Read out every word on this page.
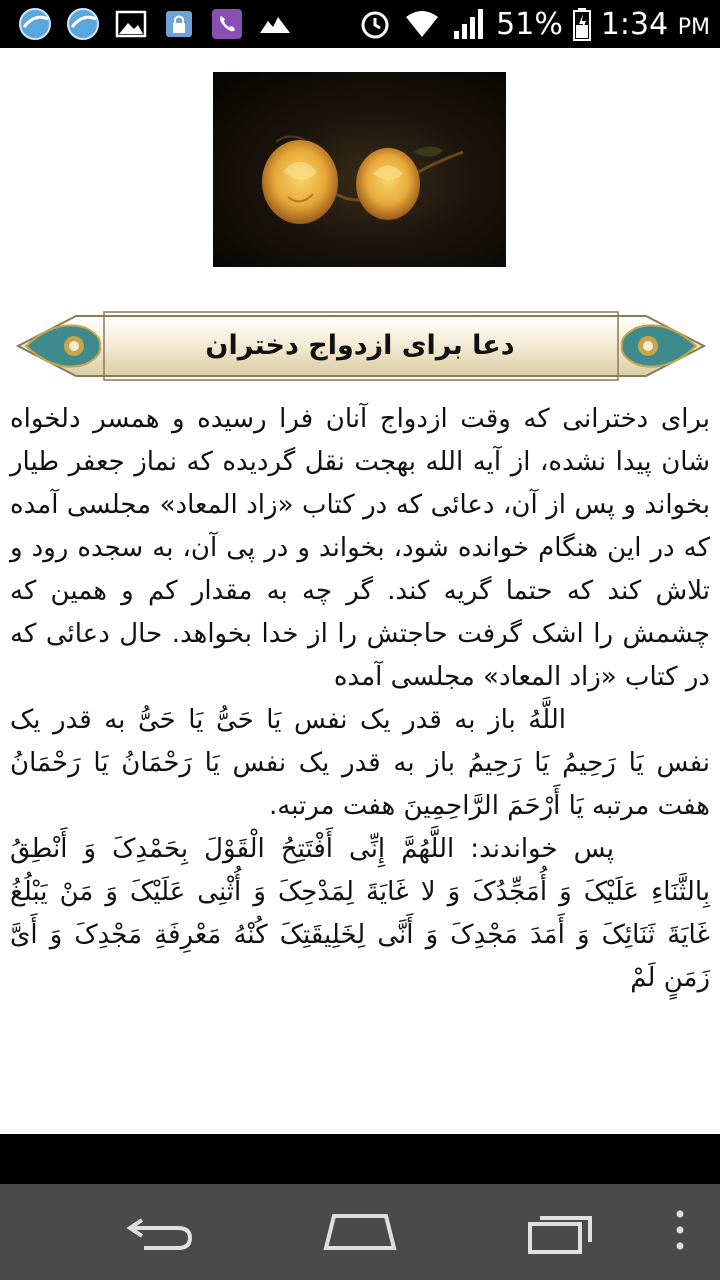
51% 1:34 PM
دعا برای ازدواج دختران

برای دخترانی که وقت ازدواج آنان فرا رسیده و همسر دلخواه شان پیدا نشده، از آیه الله بهجت نقل گردیده که نماز جعفر طیار بخواند و پس از آن، دعائی که در کتاب «زاد المعاد» مجلسی آمده که در این هنگام خوانده شود، بخواند و در پی آن، به سجده رود و تلاش کند که حتما گریه کند. گر چه به مقدار کم و همین که چشمش را اشک گرفت حاجتش را از خدا بخواهد. حال دعائی که در کتاب «زاد المعاد» مجلسی آمده

اللَّهُ باز به قدر یک نفس یَا حَیُّ یَا حَیُّ به قدر یک نفس یَا رَحِیمُ یَا رَحِیمُ باز به قدر یک نفس یَا رَحْمَانُ یَا رَحْمَانُ هفت مرتبه یَا أَرْحَمَ الرَّاحِمِینَ هفت مرتبه.

پس خواندند: اللَّهُمَّ إِنِّی أَفْتَتِحُ الْقَوْلَ بِحَمْدِکَ وَ أَنْطِقُ بِالثَّنَاءِ عَلَیْکَ وَ أُمَجِّدُکَ وَ لا غَایَةَ لِمَدْحِکَ وَ أُثْنِی عَلَیْکَ وَ مَنْ یَبْلُغُ غَایَةَ ثَنَائِکَ وَ أَمَدَ مَجْدِکَ وَ أَنَّی لِخَلِیقَتِکَ کُنْهُ مَعْرِفَةِ مَجْدِکَ وَ أَیَّ زَمَنٍ لَمْ
